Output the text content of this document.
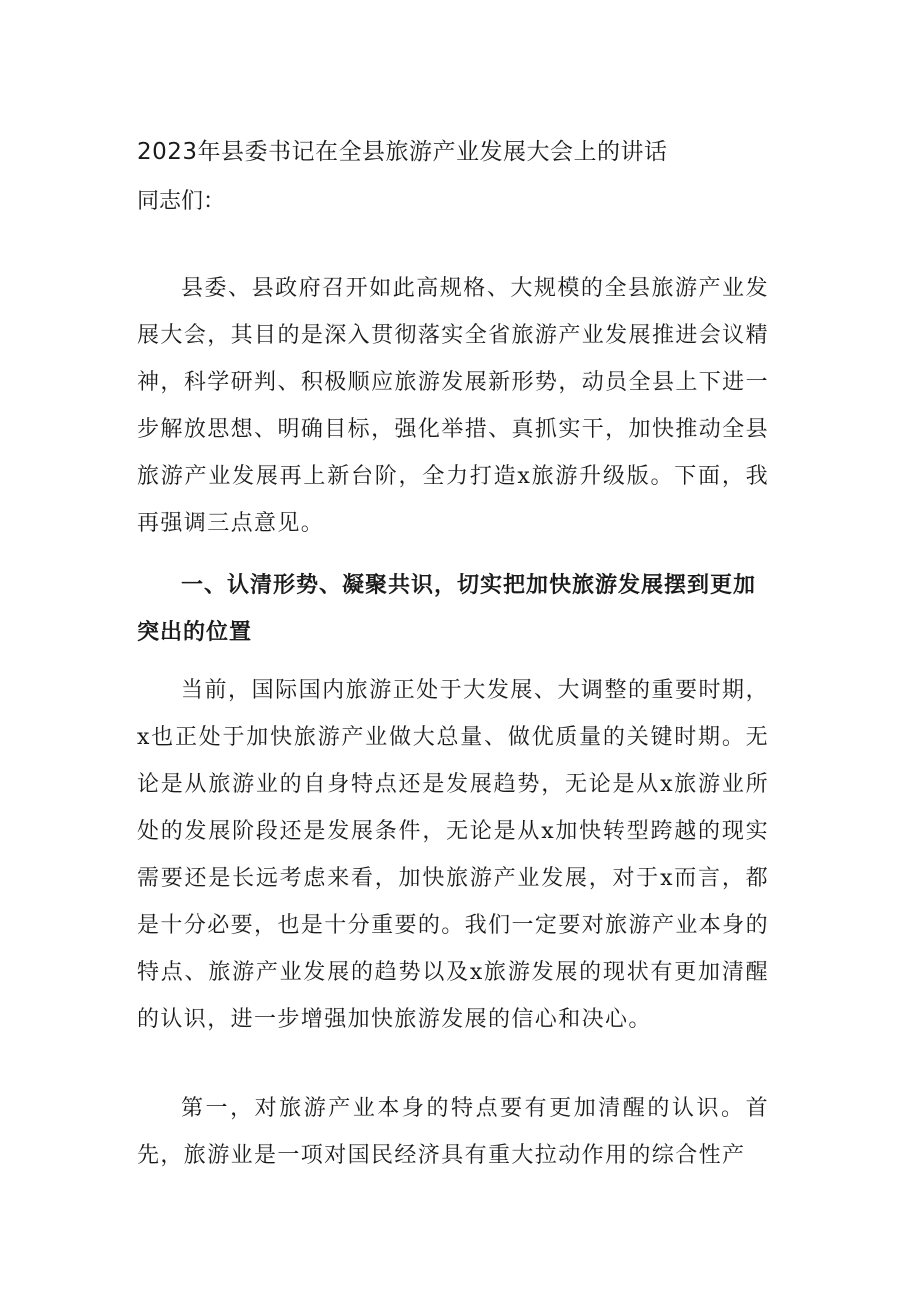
2023年县委书记在全县旅游产业发展大会上的讲话

同志们：

县委、县政府召开如此高规格、大规模的全县旅游产业发展大会，其目的是深入贯彻落实全省旅游产业发展推进会议精神，科学研判、积极顺应旅游发展新形势，动员全县上下进一步解放思想、明确目标，强化举措、真抓实干，加快推动全县旅游产业发展再上新台阶，全力打造x旅游升级版。下面，我再强调三点意见。

一、认清形势、凝聚共识，切实把加快旅游发展摆到更加突出的位置

当前，国际国内旅游正处于大发展、大调整的重要时期，x也正处于加快旅游产业做大总量、做优质量的关键时期。无论是从旅游业的自身特点还是发展趋势，无论是从x旅游业所处的发展阶段还是发展条件，无论是从x加快转型跨越的现实需要还是长远考虑来看，加快旅游产业发展，对于x而言，都是十分必要，也是十分重要的。我们一定要对旅游产业本身的特点、旅游产业发展的趋势以及x旅游发展的现状有更加清醒的认识，进一步增强加快旅游发展的信心和决心。

第一，对旅游产业本身的特点要有更加清醒的认识。首先，旅游业是一项对国民经济具有重大拉动作用的综合性产
